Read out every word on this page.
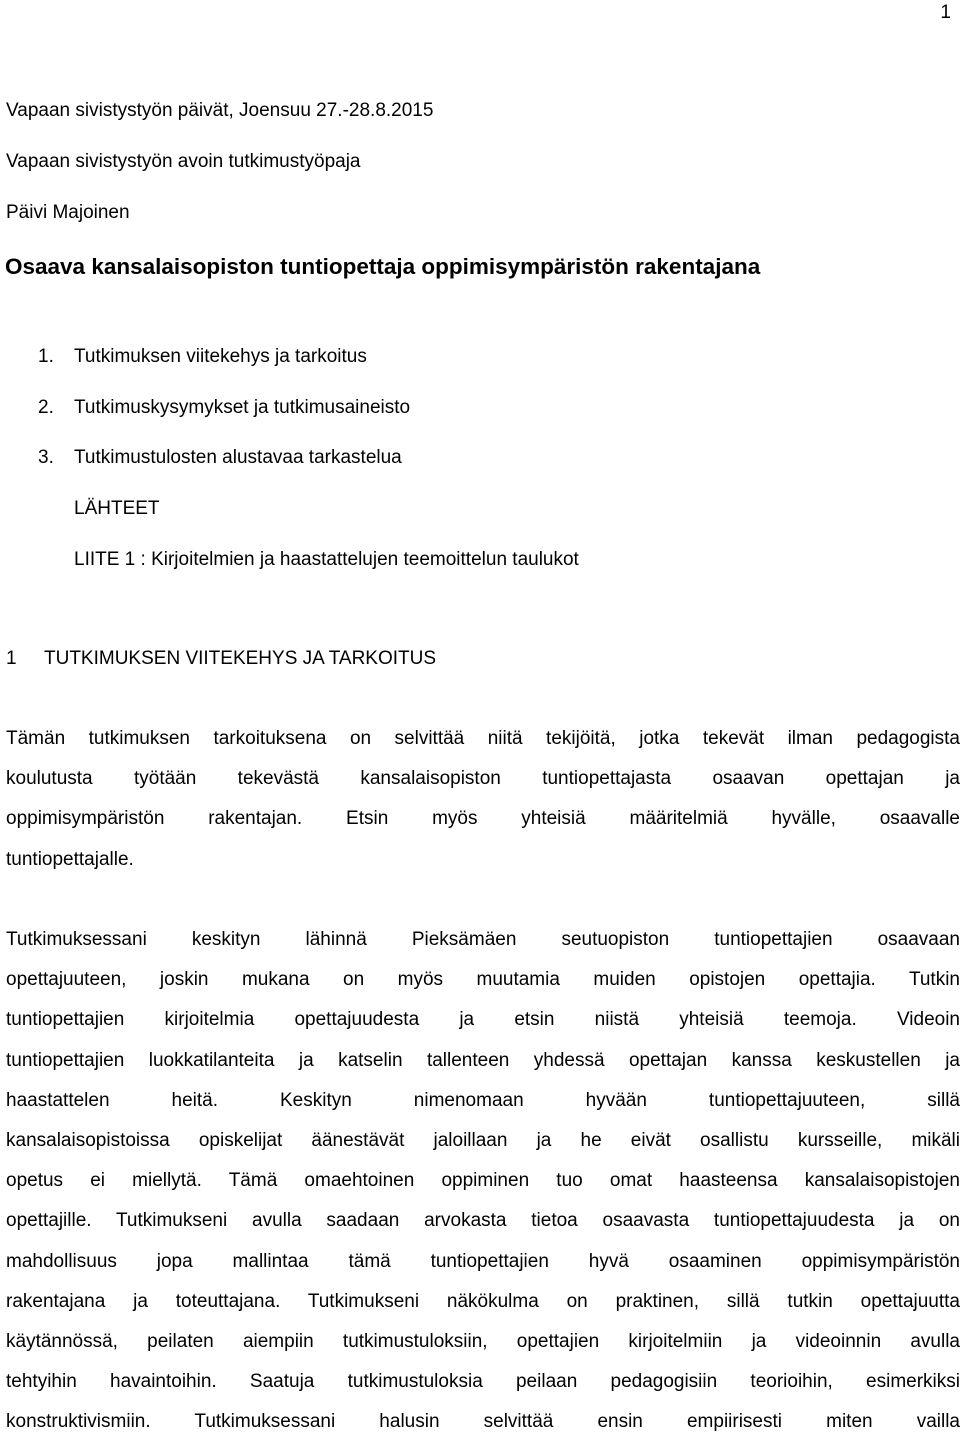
1
Vapaan sivistystyön päivät, Joensuu 27.-28.8.2015
Vapaan sivistystyön avoin tutkimustyöpaja
Päivi Majoinen
Osaava kansalaisopiston tuntiopettaja oppimisympäristön rakentajana
1. Tutkimuksen viitekehys ja tarkoitus
2. Tutkimuskysymykset ja tutkimusaineisto
3. Tutkimustulosten alustavaa tarkastelua
LÄHTEET
LIITE 1 : Kirjoitelmien ja haastattelujen teemoittelun taulukot
1 TUTKIMUKSEN VIITEKEHYS JA TARKOITUS
Tämän tutkimuksen tarkoituksena on selvittää niitä tekijöitä, jotka tekevät ilman pedagogista
koulutusta työtään tekevästä kansalaisopiston tuntiopettajasta osaavan opettajan ja
oppimisympäristön rakentajan. Etsin myös yhteisiä määritelmiä hyvälle, osaavalle
tuntiopettajalle.
Tutkimuksessani keskityn lähinnä Pieksämäen seutuopiston tuntiopettajien osaavaan
opettajuuteen, joskin mukana on myös muutamia muiden opistojen opettajia. Tutkin
tuntiopettajien kirjoitelmia opettajuudesta ja etsin niistä yhteisiä teemoja. Videoin
tuntiopettajien luokkatilanteita ja katselin tallenteen yhdessä opettajan kanssa keskustellen ja
haastattelen heitä. Keskityn nimenomaan hyvään tuntiopettajuuteen, sillä
kansalaisopistoissa opiskelijat äänestävät jaloillaan ja he eivät osallistu kursseille, mikäli
opetus ei miellytä. Tämä omaehtoinen oppiminen tuo omat haasteensa kansalaisopistojen
opettajille. Tutkimukseni avulla saadaan arvokasta tietoa osaavasta tuntiopettajuudesta ja on
mahdollisuus jopa mallintaa tämä tuntiopettajien hyvä osaaminen oppimisympäristön
rakentajana ja toteuttajana. Tutkimukseni näkökulma on praktinen, sillä tutkin opettajuutta
käytännössä, peilaten aiempiin tutkimustuloksiin, opettajien kirjoitelmiin ja videoinnin avulla
tehtyihin havaintoihin. Saatuja tutkimustuloksia peilaan pedagogisiin teorioihin, esimerkiksi
konstruktivismiin. Tutkimuksessani halusin selvittää ensin empiirisesti miten vailla
